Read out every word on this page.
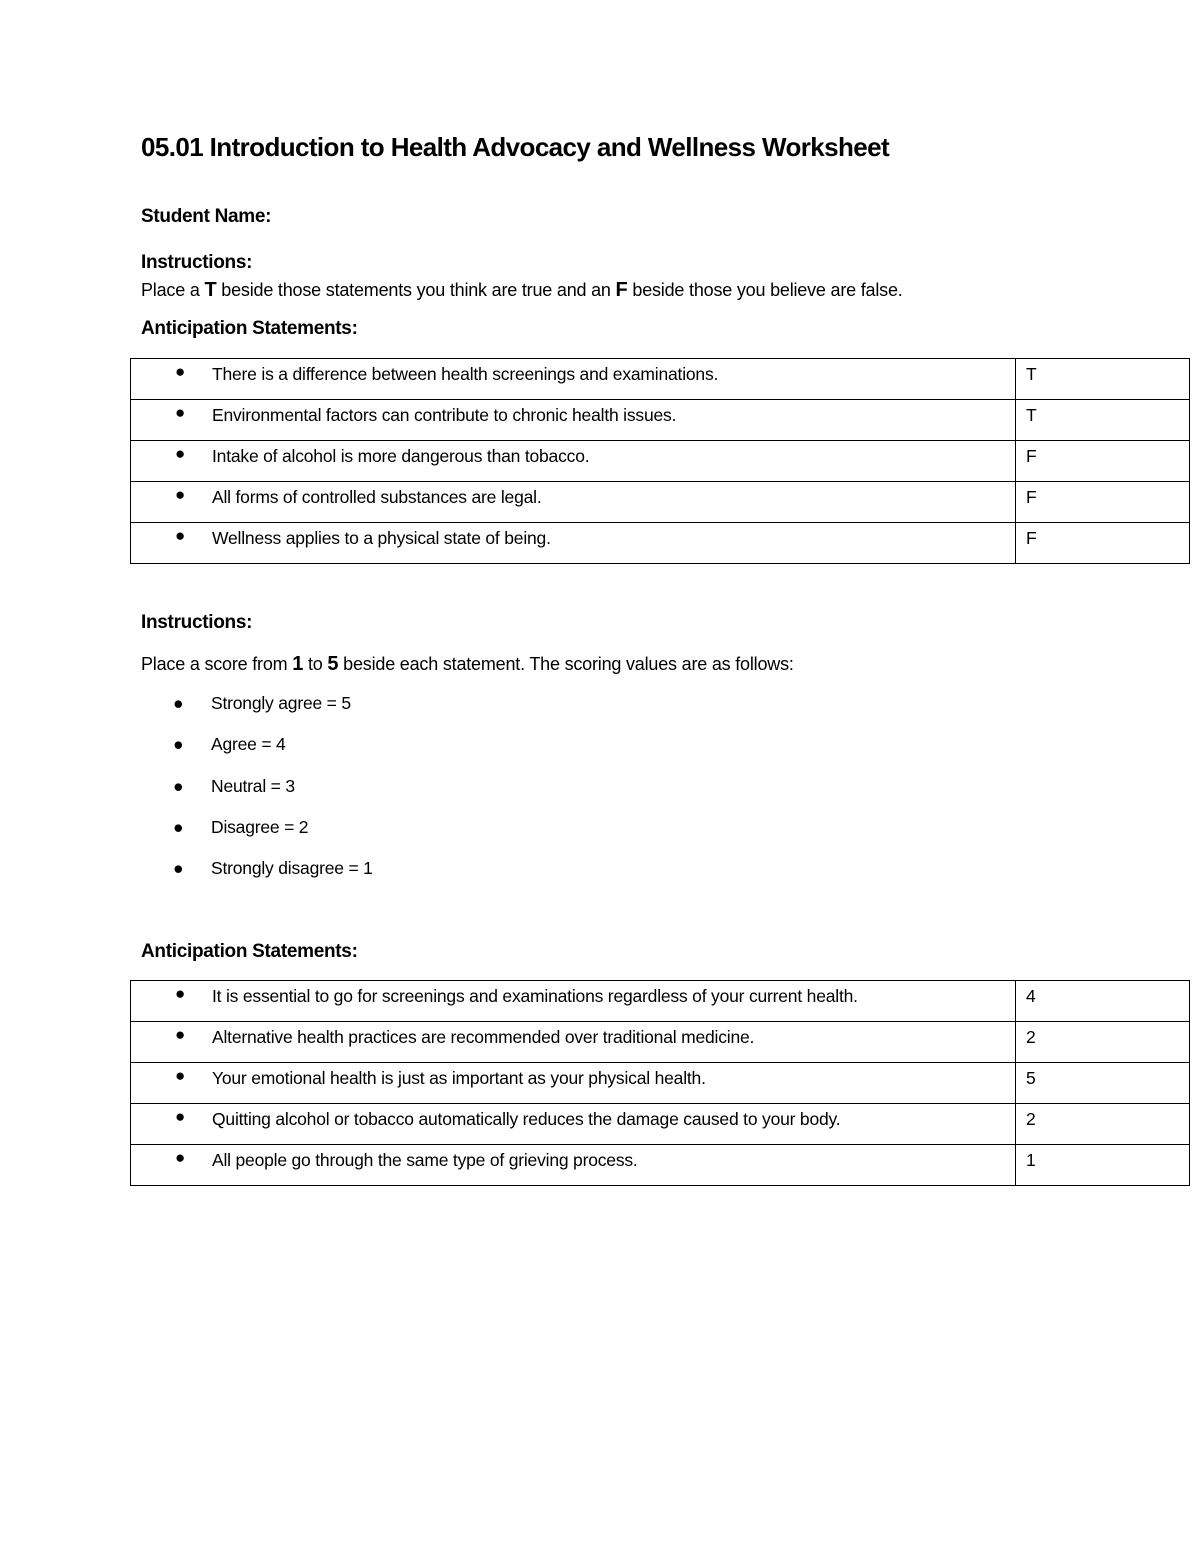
05.01 Introduction to Health Advocacy and Wellness Worksheet
Student Name:
Instructions:
Place a T beside those statements you think are true and an F beside those you believe are false.
Anticipation Statements:
● There is a difference between health screenings and examinations.	T

● Environmental factors can contribute to chronic health issues.	T

● Intake of alcohol is more dangerous than tobacco.	F

● All forms of controlled substances are legal.	F

● Wellness applies to a physical state of being.	F
Instructions:
Place a score from 1 to 5 beside each statement. The scoring values are as follows:
● Strongly agree = 5
● Agree = 4
● Neutral = 3
● Disagree = 2
● Strongly disagree = 1
Anticipation Statements:
● It is essential to go for screenings and examinations regardless of your current health.	4

● Alternative health practices are recommended over traditional medicine.	2

● Your emotional health is just as important as your physical health.	5

● Quitting alcohol or tobacco automatically reduces the damage caused to your body.	2

● All people go through the same type of grieving process.	1
